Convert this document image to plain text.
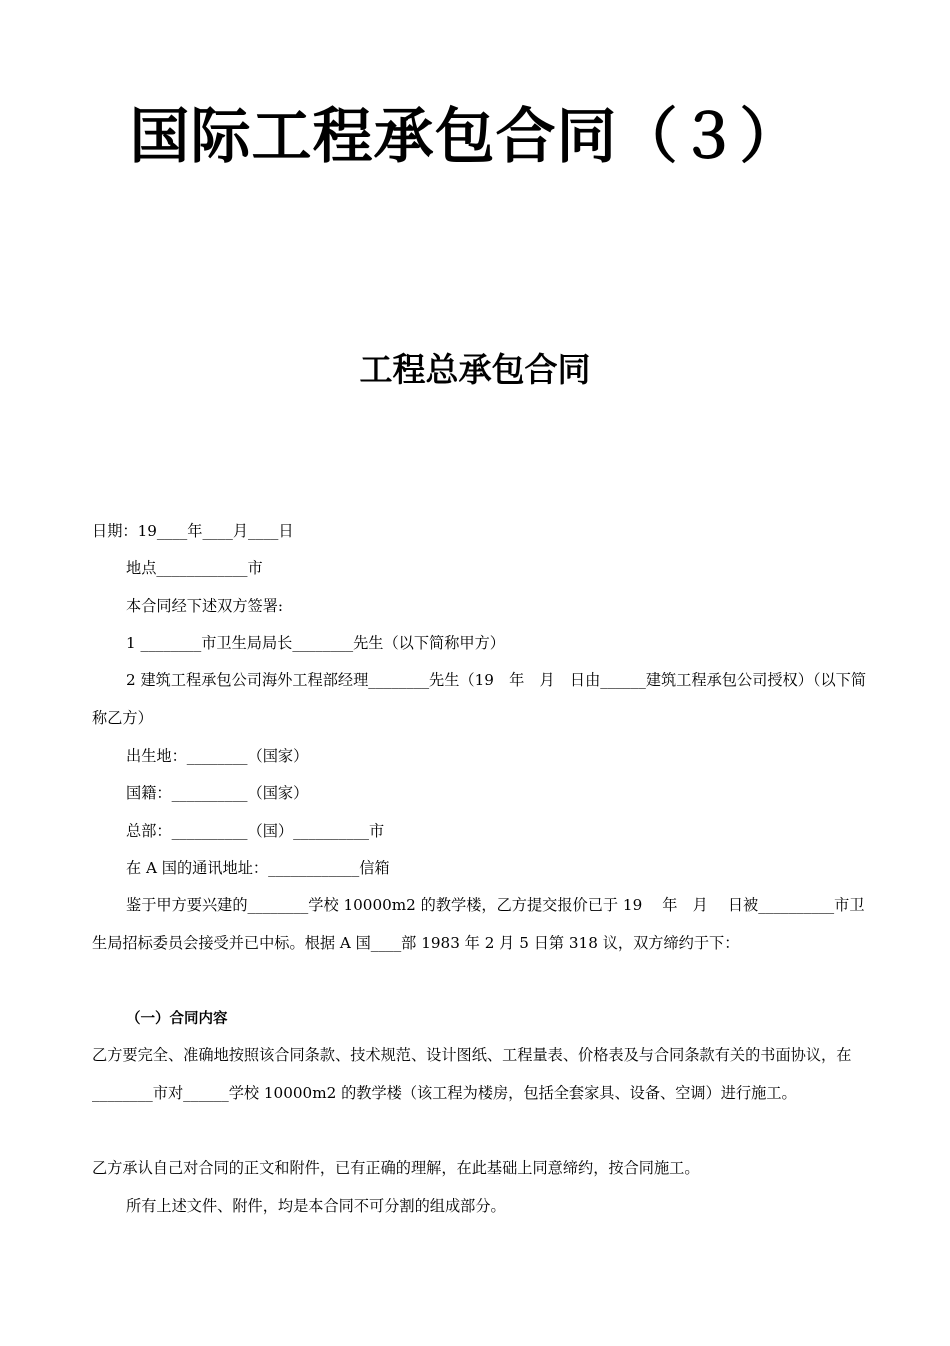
国际工程承包合同（３）
工程总承包合同
日期：19____年____月____日
地点____________市
本合同经下述双方签署:
1 ________市卫生局局长________先生（以下简称甲方）
2 建筑工程承包公司海外工程部经理________先生（19　年　月　日由______建筑工程承包公司授权）（以下简称乙方）
出生地：________（国家）
国籍：__________（国家）
总部：__________（国）__________市
在 A 国的通讯地址：____________信箱
鉴于甲方要兴建的________学校 10000m2 的教学楼，乙方提交报价已于 19　 年　月　 日被__________市卫生局招标委员会接受并已中标。根据 A 国____部 1983 年 2 月 5 日第 318 议，双方缔约于下：
（一）合同内容
乙方要完全、准确地按照该合同条款、技术规范、设计图纸、工程量表、价格表及与合同条款有关的书面协议，在________市对______学校 10000m2 的教学楼（该工程为楼房，包括全套家具、设备、空调）进行施工。
乙方承认自己对合同的正文和附件，已有正确的理解，在此基础上同意缔约，按合同施工。
所有上述文件、附件，均是本合同不可分割的组成部分。
